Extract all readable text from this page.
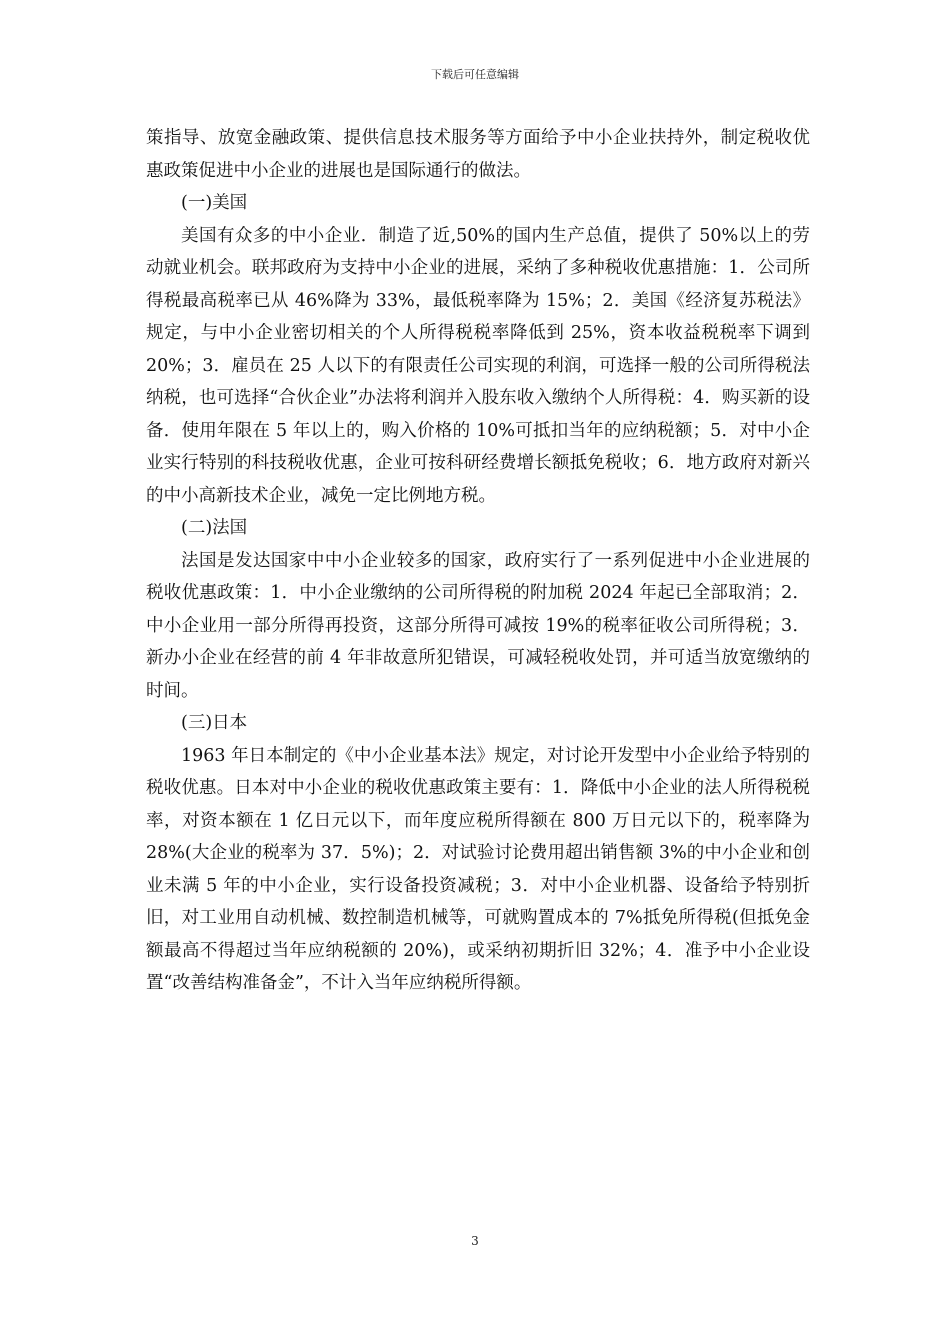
下载后可任意编辑

策指导、放宽金融政策、提供信息技术服务等方面给予中小企业扶持外，制定税收优惠政策促进中小企业的进展也是国际通行的做法。

(一)美国

美国有众多的中小企业．制造了近,50%的国内生产总值，提供了 50%以上的劳动就业机会。联邦政府为支持中小企业的进展，采纳了多种税收优惠措施：1．公司所得税最高税率已从 46%降为 33%，最低税率降为 15%；2．美国《经济复苏税法》规定，与中小企业密切相关的个人所得税税率降低到 25%，资本收益税税率下调到 20%；3．雇员在 25 人以下的有限责任公司实现的利润，可选择一般的公司所得税法纳税，也可选择“合伙企业”办法将利润并入股东收入缴纳个人所得税：4．购买新的设备．使用年限在 5 年以上的，购入价格的 10%可抵扣当年的应纳税额；5．对中小企业实行特别的科技税收优惠，企业可按科研经费增长额抵免税收；6．地方政府对新兴的中小高新技术企业，减免一定比例地方税。

(二)法国

法国是发达国家中中小企业较多的国家，政府实行了一系列促进中小企业进展的税收优惠政策：1．中小企业缴纳的公司所得税的附加税 2024 年起已全部取消；2．中小企业用一部分所得再投资，这部分所得可减按 19%的税率征收公司所得税；3．新办小企业在经营的前 4 年非故意所犯错误，可减轻税收处罚，并可适当放宽缴纳的时间。

(三)日本

1963 年日本制定的《中小企业基本法》规定，对讨论开发型中小企业给予特别的税收优惠。日本对中小企业的税收优惠政策主要有：1．降低中小企业的法人所得税税率，对资本额在 1 亿日元以下，而年度应税所得额在 800 万日元以下的，税率降为 28%(大企业的税率为 37．5%)；2．对试验讨论费用超出销售额 3%的中小企业和创业未满 5 年的中小企业，实行设备投资减税；3．对中小企业机器、设备给予特别折旧，对工业用自动机械、数控制造机械等，可就购置成本的 7%抵免所得税(但抵免金额最高不得超过当年应纳税额的 20%)，或采纳初期折旧 32%；4．准予中小企业设置“改善结构准备金”，不计入当年应纳税所得额。

3
